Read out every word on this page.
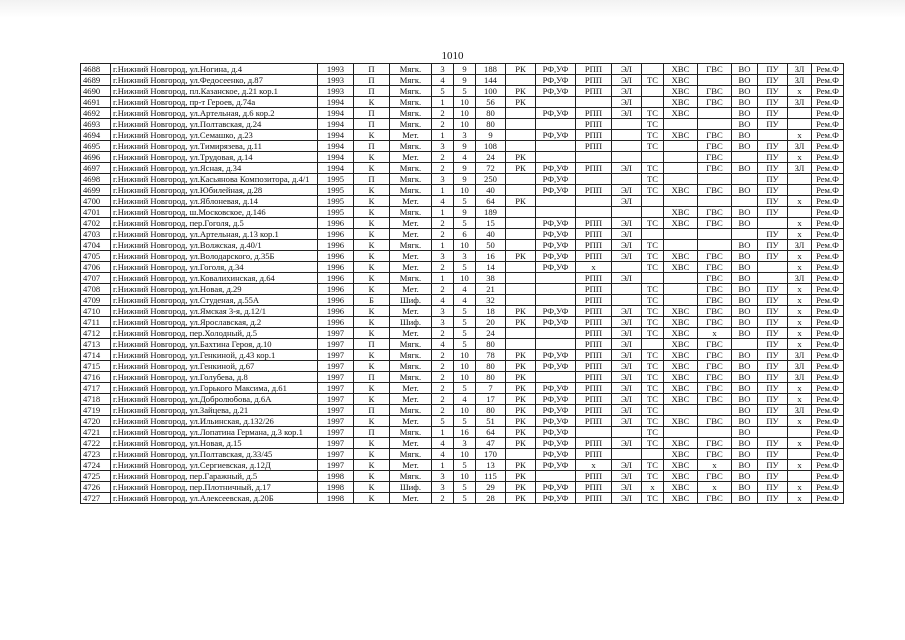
1010
4688	г.Нижний Новгород, ул.Ногина, д.4	1993	П	Мягк.	3	9	188	РК	РФ,УФ	РПП	ЭЛ		ХВС	ГВС	ВО	ПУ	ЗЛ	Рем.Ф
4689	г.Нижний Новгород, ул.Федосеенко, д.87	1993	П	Мягк.	4	9	144		РФ,УФ	РПП	ЭЛ	ТС	ХВС		ВО	ПУ	ЗЛ	Рем.Ф
4690	г.Нижний Новгород, пл.Казанское, д.21 кор.1	1993	П	Мягк.	5	5	100	РК	РФ,УФ	РПП	ЭЛ		ХВС	ГВС	ВО	ПУ	х	Рем.Ф
4691	г.Нижний Новгород, пр-т Героев, д.74а	1994	К	Мягк.	1	10	56	РК			ЭЛ		ХВС	ГВС	ВО	ПУ	ЗЛ	Рем.Ф
4692	г.Нижний Новгород, ул.Артельная, д.6 кор.2	1994	П	Мягк.	2	10	80		РФ,УФ	РПП	ЭЛ	ТС	ХВС		ВО	ПУ		Рем.Ф
4693	г.Нижний Новгород, ул.Полтавская, д.24	1994	П	Мягк.	2	10	80			РПП		ТС			ВО	ПУ		Рем.Ф
4694	г.Нижний Новгород, ул.Семашко, д.23	1994	К	Мет.	1	3	9		РФ,УФ	РПП		ТС	ХВС	ГВС	ВО		х	Рем.Ф
4695	г.Нижний Новгород, ул.Тимирязева, д.11	1994	П	Мягк.	3	9	108			РПП		ТС		ГВС	ВО	ПУ	ЗЛ	Рем.Ф
4696	г.Нижний Новгород, ул.Трудовая, д.14	1994	К	Мет.	2	4	24	РК						ГВС		ПУ	х	Рем.Ф
4697	г.Нижний Новгород, ул.Ясная, д.34	1994	К	Мягк.	2	9	72	РК	РФ,УФ	РПП	ЭЛ	ТС		ГВС	ВО	ПУ	ЗЛ	Рем.Ф
4698	г.Нижний Новгород, ул.Касьянова Композитора, д.4/1	1995	П	Мягк.	3	9	250		РФ,УФ			ТС				ПУ		Рем.Ф
4699	г.Нижний Новгород, ул.Юбилейная, д.28	1995	К	Мягк.	1	10	40		РФ,УФ	РПП	ЭЛ	ТС	ХВС	ГВС	ВО	ПУ		Рем.Ф
4700	г.Нижний Новгород, ул.Яблоневая, д.14	1995	К	Мет.	4	5	64	РК			ЭЛ					ПУ	х	Рем.Ф
4701	г.Нижний Новгород, ш.Московское, д.146	1995	К	Мягк.	1	9	189						ХВС	ГВС	ВО	ПУ		Рем.Ф
4702	г.Нижний Новгород, пер.Гоголя, д.5	1996	К	Мет.	2	5	15		РФ,УФ	РПП	ЭЛ	ТС	ХВС	ГВС	ВО		х	Рем.Ф
4703	г.Нижний Новгород, ул.Артельная, д.13 кор.1	1996	К	Мет.	2	6	40		РФ,УФ	РПП	ЭЛ					ПУ	х	Рем.Ф
4704	г.Нижний Новгород, ул.Волжская, д.40/1	1996	К	Мягк.	1	10	50		РФ,УФ	РПП	ЭЛ	ТС			ВО	ПУ	ЗЛ	Рем.Ф
4705	г.Нижний Новгород, ул.Володарского, д.35Б	1996	К	Мет.	3	3	16	РК	РФ,УФ	РПП	ЭЛ	ТС	ХВС	ГВС	ВО	ПУ	х	Рем.Ф
4706	г.Нижний Новгород, ул.Гоголя, д.34	1996	К	Мет.	2	5	14		РФ,УФ	х		ТС	ХВС	ГВС	ВО		х	Рем.Ф
4707	г.Нижний Новгород, ул.Ковалихинская, д.64	1996	К	Мягк.	1	10	38			РПП	ЭЛ			ГВС	ВО		ЗЛ	Рем.Ф
4708	г.Нижний Новгород, ул.Новая, д.29	1996	К	Мет.	2	4	21			РПП		ТС		ГВС	ВО	ПУ	х	Рем.Ф
4709	г.Нижний Новгород, ул.Студеная, д.55А	1996	Б	Шиф.	4	4	32			РПП		ТС		ГВС	ВО	ПУ	х	Рем.Ф
4710	г.Нижний Новгород, ул.Ямская 3-я, д.12/1	1996	К	Мет.	3	5	18	РК	РФ,УФ	РПП	ЭЛ	ТС	ХВС	ГВС	ВО	ПУ	х	Рем.Ф
4711	г.Нижний Новгород, ул.Ярославская, д.2	1996	К	Шиф.	3	5	20	РК	РФ,УФ	РПП	ЭЛ	ТС	ХВС	ГВС	ВО	ПУ	х	Рем.Ф
4712	г.Нижний Новгород, пер.Холодный, д.5	1997	К	Мет.	2	5	24			РПП	ЭЛ	ТС	ХВС	х	ВО	ПУ	х	Рем.Ф
4713	г.Нижний Новгород, ул.Бахтина Героя, д.10	1997	П	Мягк.	4	5	80			РПП	ЭЛ		ХВС	ГВС		ПУ	х	Рем.Ф
4714	г.Нижний Новгород, ул.Генкиной, д.43 кор.1	1997	К	Мягк.	2	10	78	РК	РФ,УФ	РПП	ЭЛ	ТС	ХВС	ГВС	ВО	ПУ	ЗЛ	Рем.Ф
4715	г.Нижний Новгород, ул.Генкиной, д.67	1997	К	Мягк.	2	10	80	РК	РФ,УФ	РПП	ЭЛ	ТС	ХВС	ГВС	ВО	ПУ	ЗЛ	Рем.Ф
4716	г.Нижний Новгород, ул.Голубева, д.8	1997	П	Мягк.	2	10	80	РК		РПП	ЭЛ	ТС	ХВС	ГВС	ВО	ПУ	ЗЛ	Рем.Ф
4717	г.Нижний Новгород, ул.Горького Максима, д.61	1997	К	Мет.	2	5	7	РК	РФ,УФ	РПП	ЭЛ	ТС	ХВС	ГВС	ВО	ПУ	х	Рем.Ф
4718	г.Нижний Новгород, ул.Добролюбова, д.6А	1997	К	Мет.	2	4	17	РК	РФ,УФ	РПП	ЭЛ	ТС	ХВС	ГВС	ВО	ПУ	х	Рем.Ф
4719	г.Нижний Новгород, ул.Зайцева, д.21	1997	П	Мягк.	2	10	80	РК	РФ,УФ	РПП	ЭЛ	ТС			ВО	ПУ	ЗЛ	Рем.Ф
4720	г.Нижний Новгород, ул.Ильинская, д.132/26	1997	К	Мет.	5	5	51	РК	РФ,УФ	РПП	ЭЛ	ТС	ХВС	ГВС	ВО	ПУ	х	Рем.Ф
4721	г.Нижний Новгород, ул.Лопатина Германа, д.3 кор.1	1997	П	Мягк.	1	16	64	РК	РФ,УФ			ТС			ВО			Рем.Ф
4722	г.Нижний Новгород, ул.Новая, д.15	1997	К	Мет.	4	3	47	РК	РФ,УФ	РПП	ЭЛ	ТС	ХВС	ГВС	ВО	ПУ	х	Рем.Ф
4723	г.Нижний Новгород, ул.Полтавская, д.33/45	1997	К	Мягк.	4	10	170		РФ,УФ	РПП			ХВС	ГВС	ВО	ПУ		Рем.Ф
4724	г.Нижний Новгород, ул.Сергиевская, д.12Д	1997	К	Мет.	1	5	13	РК	РФ,УФ	х	ЭЛ	ТС	ХВС	х	ВО	ПУ	х	Рем.Ф
4725	г.Нижний Новгород, пер.Гаражный, д.5	1998	К	Мягк.	3	10	115	РК		РПП	ЭЛ	ТС	ХВС	ГВС	ВО	ПУ		Рем.Ф
4726	г.Нижний Новгород, пер.Плотничный, д.17	1998	К	Шиф.	3	5	29	РК	РФ,УФ	РПП	ЭЛ	х	ХВС	х	ВО	ПУ	х	Рем.Ф
4727	г.Нижний Новгород, ул.Алексеевская, д.20Б	1998	К	Мет.	2	5	28	РК	РФ,УФ	РПП	ЭЛ	ТС	ХВС	ГВС	ВО	ПУ	х	Рем.Ф
